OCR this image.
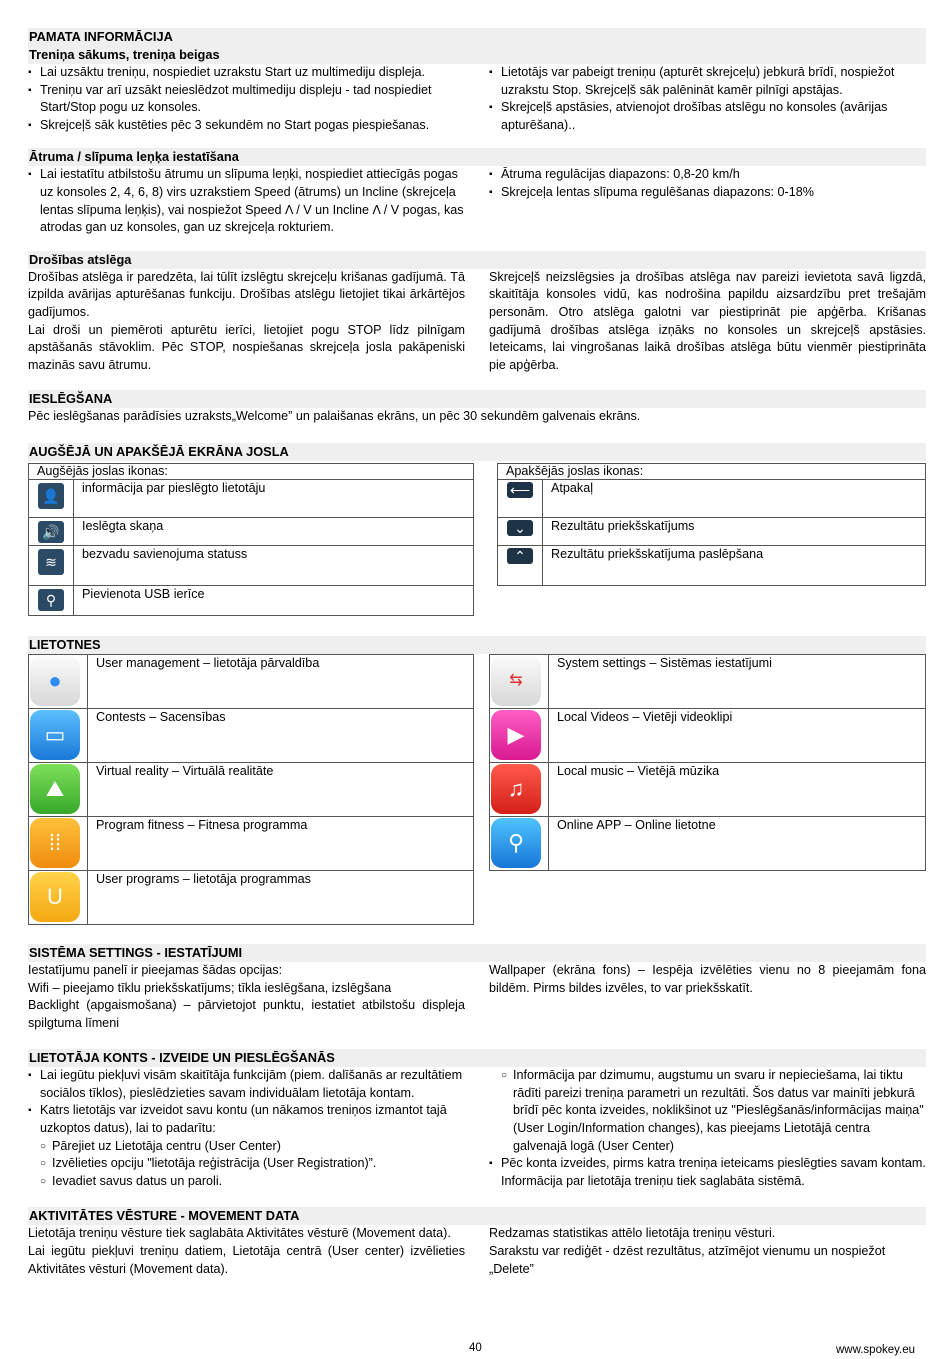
PAMATA INFORMĀCIJA
Treniņa sākums, treniņa beigas
▪ Lai uzsāktu treniņu, nospiediet uzrakstu Start uz multimediju displeja.
▪ Treniņu var arī uzsākt neieslēdzot multimediju displeju - tad nospiediet Start/Stop pogu uz konsoles.
▪ Skrejceļš sāk kustēties pēc 3 sekundēm no Start pogas piespiešanas.
▪ Lietotājs var pabeigt treniņu (apturēt skrejceļu) jebkurā brīdī, nospiežot uzrakstu Stop. Skrejceļš sāk palēnināt kamēr pilnīgi apstājas.
▪ Skrejceļš apstāsies, atvienojot drošības atslēgu no konsoles (avārijas apturēšana)..
Ātruma / slīpuma leņķa iestatīšana
▪ Lai iestatītu atbilstošu ātrumu un slīpuma leņķi, nospiediet attiecīgās pogas uz konsoles 2, 4, 6, 8) virs uzrakstiem Speed (ātrums) un Incline (skrejceļa lentas slīpuma leņķis), vai nospiežot Speed Λ / V un Incline Λ / V pogas, kas atrodas gan uz konsoles, gan uz skrejceļa rokturiem.
▪ Ātruma regulācijas diapazons: 0,8-20 km/h
▪ Skrejceļa lentas slīpuma regulēšanas diapazons: 0-18%
Drošības atslēga

Drošības atslēga ir paredzēta, lai tūlīt izslēgtu skrejceļu krišanas gadījumā. Tā izpilda avārijas apturēšanas funkciju. Drošības atslēgu lietojiet tikai ārkārtējos gadījumos.

Lai droši un piemēroti apturētu ierīci, lietojiet pogu STOP līdz pilnīgam apstāšanās stāvoklim. Pēc STOP, nospiešanas skrejceļa josla pakāpeniski mazinās savu ātrumu.

Skrejceļš neizslēgsies ja drošības atslēga nav pareizi ievietota savā ligzdā, skaitītāja konsoles vidū, kas nodrošina papildu aizsardzību pret trešajām personām. Otro atslēga galotni var piestiprināt pie apģērba. Krišanas gadījumā drošības atslēga izņāks no konsoles un skrejceļš apstāsies. Ieteicams, lai vingrošanas laikā drošības atslēga būtu vienmēr piestiprināta pie apģērba.

IESLĒGŠANA

Pēc ieslēgšanas parādīsies uzraksts„Welcome” un palaišanas ekrāns, un pēc 30 sekundēm galvenais ekrāns.

AUGŠĒJĀ UN APAKŠĒJĀ EKRĀNA JOSLA
Augšējās joslas ikonas:	
👤	informācija par pieslēgto lietotāju
🔊	Ieslēgta skaņa
≋	bezvadu savienojuma statuss
⚲	Pievienota USB ierīce
Apakšējās joslas ikonas:	
⟵	Atpakaļ
⌄	Rezultātu priekšskatījums
⌃	Rezultātu priekšskatījuma paslēpšana
LIETOTNES
●	User management – lietotāja pārvaldība

▭	Contests – Sacensības

⛰	Virtual reality – Virtuālā realitāte

⁞⁞	Program fitness – Fitnesa programma

U	User programs – lietotāja programmas
⇆	System settings – Sistēmas iestatījumi

▶	Local Videos – Vietēji videoklipi

♫	Local music – Vietējā mūzika

⚲	Online APP – Online lietotne
SISTĒMA SETTINGS - IESTATĪJUMI

Iestatījumu panelī ir pieejamas šādas opcijas:

Wifi – pieejamo tīklu priekšskatījums; tīkla ieslēgšana, izslēgšana

Backlight (apgaismošana) – pārvietojot punktu, iestatiet atbilstošu displeja spilgtuma līmeni

Wallpaper (ekrāna fons) – Iespēja izvēlēties vienu no 8 pieejamām fona bildēm. Pirms bildes izvēles, to var priekšskatīt.

LIETOTĀJA KONTS - IZVEIDE UN PIESLĒGŠANĀS
▪ Lai iegūtu piekļuvi visām skaitītāja funkcijām (piem. dalīšanās ar rezultātiem sociālos tīklos), pieslēdzieties savam individuālam lietotāja kontam.
▪ Katrs lietotājs var izveidot savu kontu (un nākamos treniņos izmantot tajā uzkoptos datus), lai to padarītu:
○ Pārejiet uz Lietotāja centru (User Center)
○ Izvēlieties opciju "lietotāja reģistrācija (User Registration)”.
○ Ievadiet savus datus un paroli.
○ Informācija par dzimumu, augstumu un svaru ir nepieciešama, lai tiktu rādīti pareizi treniņa parametri un rezultāti. Šos datus var mainīti jebkurā brīdī pēc konta izveides, noklikšinot uz "Pieslēgšanās/informācijas maiņa" (User Login/Information changes), kas pieejams Lietotājā centra galvenajā logā (User Center)
▪ Pēc konta izveides, pirms katra treniņa ieteicams pieslēgties savam kontam. Informācija par lietotāja treniņu tiek saglabāta sistēmā.
AKTIVITĀTES VĒSTURE - MOVEMENT DATA

Lietotāja treniņu vēsture tiek saglabāta Aktivitātes vēsturē (Movement data).

Lai iegūtu piekļuvi treniņu datiem, Lietotāja centrā (User center) izvēlieties Aktivitātes vēsturi (Movement data).

Redzamas statistikas attēlo lietotāja treniņu vēsturi.

Sarakstu var rediģēt - dzēst rezultātus, atzīmējot vienumu un nospiežot „Delete”

40	www.spokey.eu
